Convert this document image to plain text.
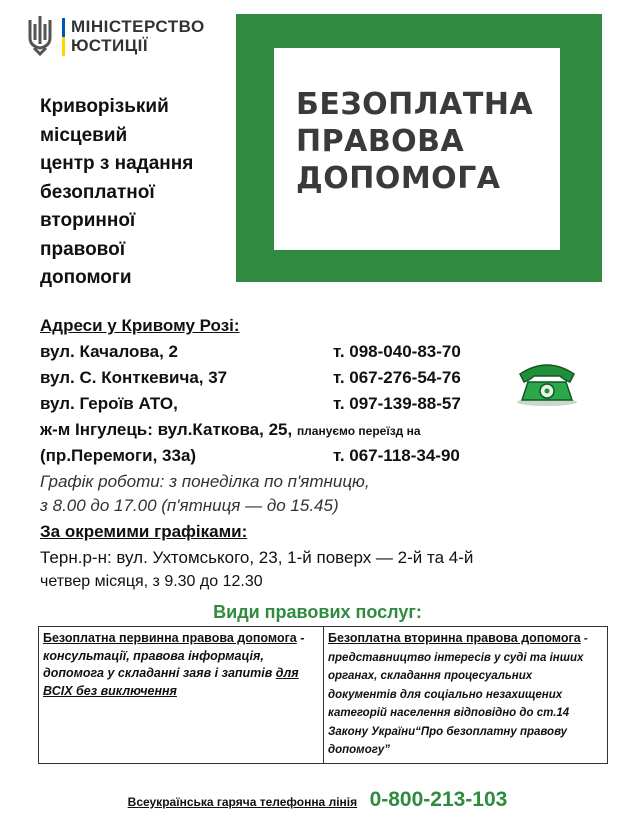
МІНІСТЕРСТВО
ЮСТИЦІЇ
БЕЗОПЛАТНА
ПРАВОВА
ДОПОМОГА
Криворізький
місцевий
центр з надання
безоплатної
вторинної
правової
допомоги
Адреси у Кривому Розі:
вул. Качалова, 2	т. 098-040-83-70
вул. С. Конткевича, 37	т. 067-276-54-76
вул. Героїв АТО,	т. 097-139-88-57
ж-м Інгулець: вул.Каткова, 25, плануємо переїзд на
(пр.Перемоги, 33а)	т. 067-118-34-90
Графік роботи: з понеділка по п'ятницю,
з 8.00 до 17.00 (п'ятниця — до 15.45)
За окремими графіками:
Терн.р-н: вул. Ухтомського, 23, 1-й поверх — 2-й та 4-й
четвер місяця, з 9.30 до 12.30
Види правових послуг:
Безоплатна первинна правова допомога - консультації, правова інформація, допомога у складанні заяв і запитів для ВСІХ без виключення
Безоплатна вторинна правова допомога - представництво інтересів у суді та інших органах, складання процесуальних документів для соціально незахищених категорій населення відповідно до ст.14 Закону України“Про безоплатну правову допомогу”
Всеукраїнська гаряча телефонна лінія 0-800-213-103
